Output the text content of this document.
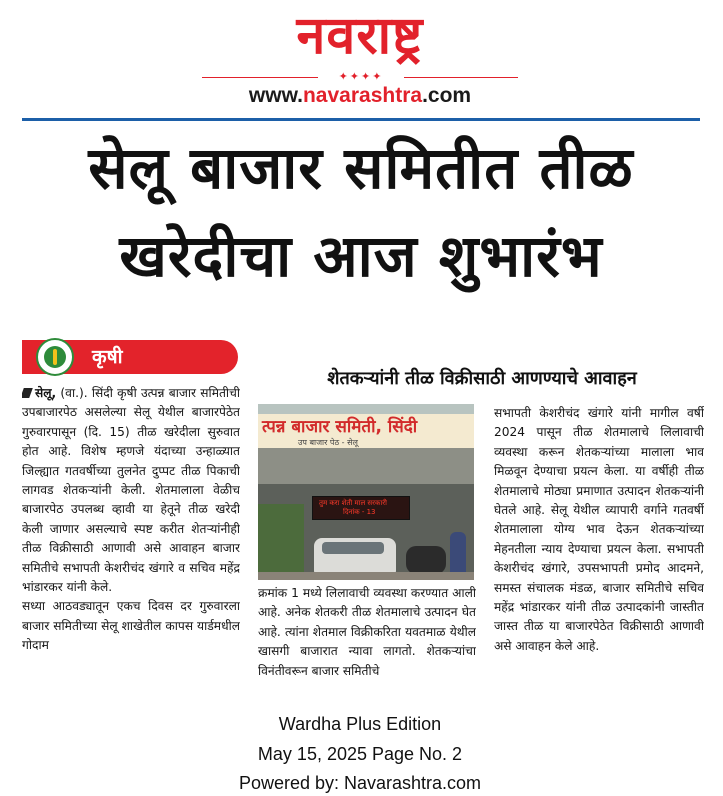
नवराष्ट्र
✦✦✦✦
www.navarashtra.com
सेलू बाजार समितीत तीळ
खरेदीचा आज शुभारंभ
कृषी
शेतकऱ्यांनी तीळ विक्रीसाठी आणण्याचे आवाहन

सेलू, (वा.). सिंदी कृषी उत्पन्न बाजार समितीची उपबाजारपेठ असलेल्या सेलू येथील बाजारपेठेत गुरुवारपासून (दि. 15) तीळ खरेदीला सुरुवात होत आहे. विशेष म्हणजे यंदाच्या उन्हाळ्यात जिल्ह्यात गतवर्षीच्या तुलनेत दुप्पट तीळ पिकाची लागवड शेतकऱ्यांनी केली. शेतमालाला वेळीच बाजारपेठ उपलब्ध व्हावी या हेतूने तीळ खरेदी केली जाणार असल्याचे स्पष्ट करीत शेतऱ्यांनीही तीळ विक्रीसाठी आणावी असे आवाहन बाजार समितीचे सभापती केशरीचंद खंगारे व सचिव महेंद्र भांडारकर यांनी केले.

सध्या आठवड्यातून एकच दिवस दर गुरुवारला बाजार समितीच्या सेलू शाखेतील कापस यार्डमधील गोदाम

त्पन्न बाजार समिती, सिंदी
उप बाजार पेठ - सेलू
तुम करा शेती माल सरकारी
दिनांक - 13

क्रमांक 1 मध्ये लिलावाची व्यवस्था करण्यात आली आहे. अनेक शेतकरी तीळ शेतमालाचे उत्पादन घेत आहे. त्यांना शेतमाल विक्रीकरिता यवतमाळ येथील खासगी बाजारात न्यावा लागतो. शेतकऱ्यांचा विनंतीवरून बाजार समितीचे

सभापती केशरीचंद खंगारे यांनी मागील वर्षी 2024 पासून तीळ शेतमालाचे लिलावाची व्यवस्था करून शेतकऱ्यांच्या मालाला भाव मिळवून देण्याचा प्रयत्न केला. या वर्षीही तीळ शेतमालाचे मोठ्या प्रमाणात उत्पादन शेतकऱ्यांनी घेतले आहे. सेलू येथील व्यापारी वर्गाने गतवर्षी शेतमालाला योग्य भाव देऊन शेतकऱ्यांच्या मेहनतीला न्याय देण्याचा प्रयत्न केला. सभापती केशरीचंद खंगारे, उपसभापती प्रमोद आदमने, समस्त संचालक मंडळ, बाजार समितीचे सचिव महेंद्र भांडारकर यांनी तीळ उत्पादकांनी जास्तीत जास्त तीळ या बाजारपेठेत विक्रीसाठी आणावी असे आवाहन केले आहे.

Wardha Plus Edition
May 15, 2025 Page No. 2
Powered by: Navarashtra.com
